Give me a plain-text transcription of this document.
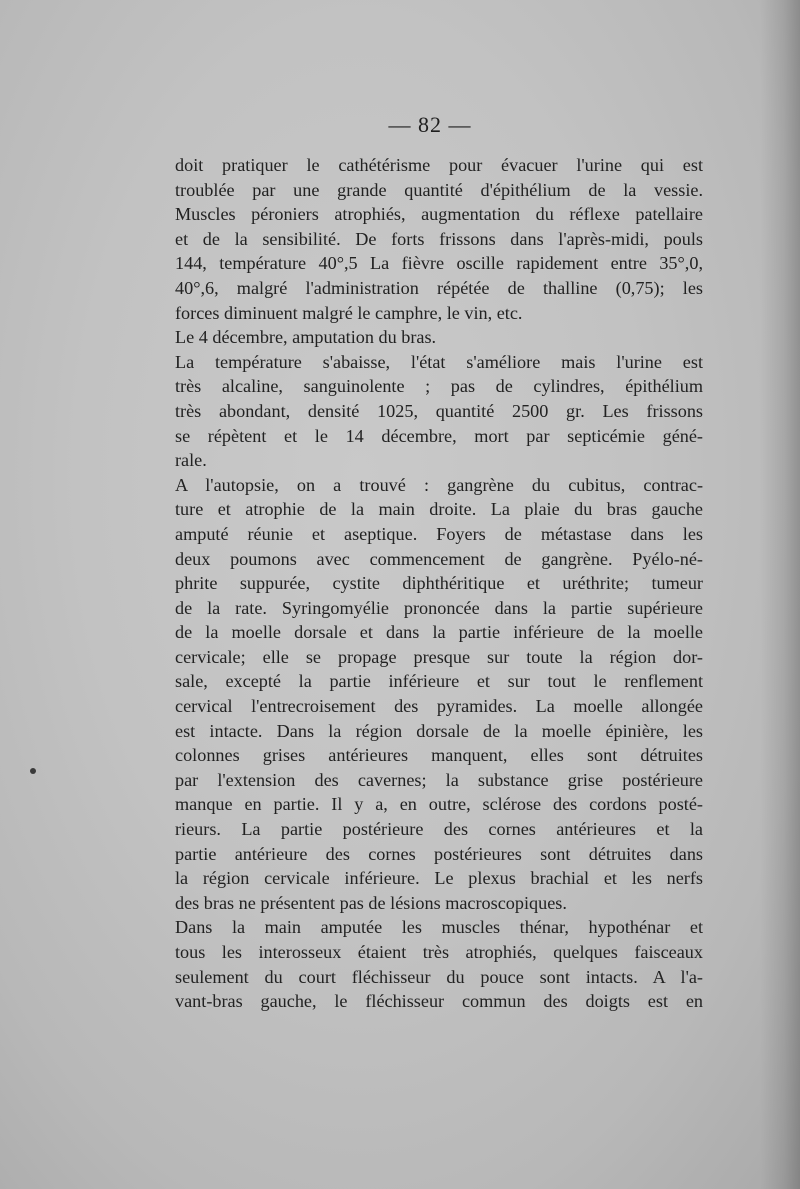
— 82 —
doit pratiquer le cathétérisme pour évacuer l'urine qui est
troublée par une grande quantité d'épithélium de la vessie.
Muscles péroniers atrophiés, augmentation du réflexe patellaire
et de la sensibilité. De forts frissons dans l'après-midi, pouls
144, température 40°,5 La fièvre oscille rapidement entre 35°,0,
40°,6, malgré l'administration répétée de thalline (0,75); les
forces diminuent malgré le camphre, le vin, etc.
Le 4 décembre, amputation du bras.
La température s'abaisse, l'état s'améliore mais l'urine est
très alcaline, sanguinolente ; pas de cylindres, épithélium
très abondant, densité 1025, quantité 2500 gr. Les frissons
se répètent et le 14 décembre, mort par septicémie géné-
rale.
A l'autopsie, on a trouvé : gangrène du cubitus, contrac-
ture et atrophie de la main droite. La plaie du bras gauche
amputé réunie et aseptique. Foyers de métastase dans les
deux poumons avec commencement de gangrène. Pyélo-né-
phrite suppurée, cystite diphthéritique et uréthrite; tumeur
de la rate. Syringomyélie prononcée dans la partie supérieure
de la moelle dorsale et dans la partie inférieure de la moelle
cervicale; elle se propage presque sur toute la région dor-
sale, excepté la partie inférieure et sur tout le renflement
cervical l'entrecroisement des pyramides. La moelle allongée
est intacte. Dans la région dorsale de la moelle épinière, les
colonnes grises antérieures manquent, elles sont détruites
par l'extension des cavernes; la substance grise postérieure
manque en partie. Il y a, en outre, sclérose des cordons posté-
rieurs. La partie postérieure des cornes antérieures et la
partie antérieure des cornes postérieures sont détruites dans
la région cervicale inférieure. Le plexus brachial et les nerfs
des bras ne présentent pas de lésions macroscopiques.
Dans la main amputée les muscles thénar, hypothénar et
tous les interosseux étaient très atrophiés, quelques faisceaux
seulement du court fléchisseur du pouce sont intacts. A l'a-
vant-bras gauche, le fléchisseur commun des doigts est en
